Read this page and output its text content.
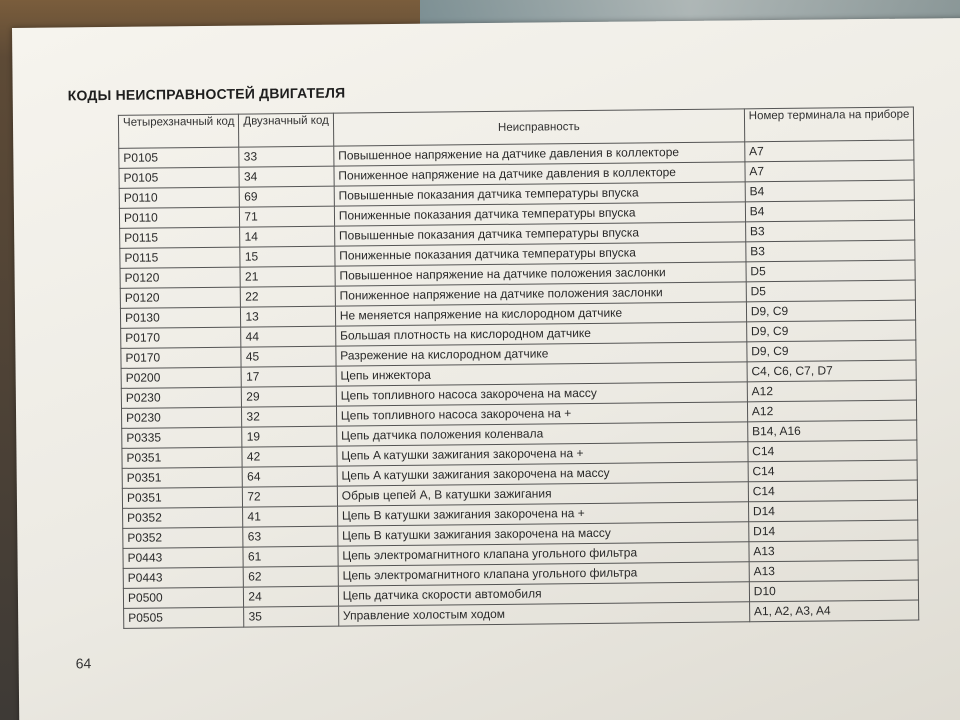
КОДЫ НЕИСПРАВНОСТЕЙ ДВИГАТЕЛЯ
Четырехзначный код	Двузначный код	Неисправность	Номер терминала на приборе
P0105	33	Повышенное напряжение на датчике давления в коллекторе	A7
P0105	34	Пониженное напряжение на датчике давления в коллекторе	A7
P0110	69	Повышенные показания датчика температуры впуска	B4
P0110	71	Пониженные показания датчика температуры впуска	B4
P0115	14	Повышенные показания датчика температуры впуска	B3
P0115	15	Пониженные показания датчика температуры впуска	B3
P0120	21	Повышенное напряжение на датчике положения заслонки	D5
P0120	22	Пониженное напряжение на датчике положения заслонки	D5
P0130	13	Не меняется напряжение на кислородном датчике	D9, C9
P0170	44	Большая плотность на кислородном датчике	D9, C9
P0170	45	Разрежение на кислородном датчике	D9, C9
P0200	17	Цепь инжектора	C4, C6, C7, D7
P0230	29	Цепь топливного насоса закорочена на массу	A12
P0230	32	Цепь топливного насоса закорочена на +	A12
P0335	19	Цепь датчика положения коленвала	B14, A16
P0351	42	Цепь A катушки зажигания закорочена на +	C14
P0351	64	Цепь A катушки зажигания закорочена на массу	C14
P0351	72	Обрыв цепей A, B катушки зажигания	C14
P0352	41	Цепь B катушки зажигания закорочена на +	D14
P0352	63	Цепь B катушки зажигания закорочена на массу	D14
P0443	61	Цепь электромагнитного клапана угольного фильтра	A13
P0443	62	Цепь электромагнитного клапана угольного фильтра	A13
P0500	24	Цепь датчика скорости автомобиля	D10
P0505	35	Управление холостым ходом	A1, A2, A3, A4
64
